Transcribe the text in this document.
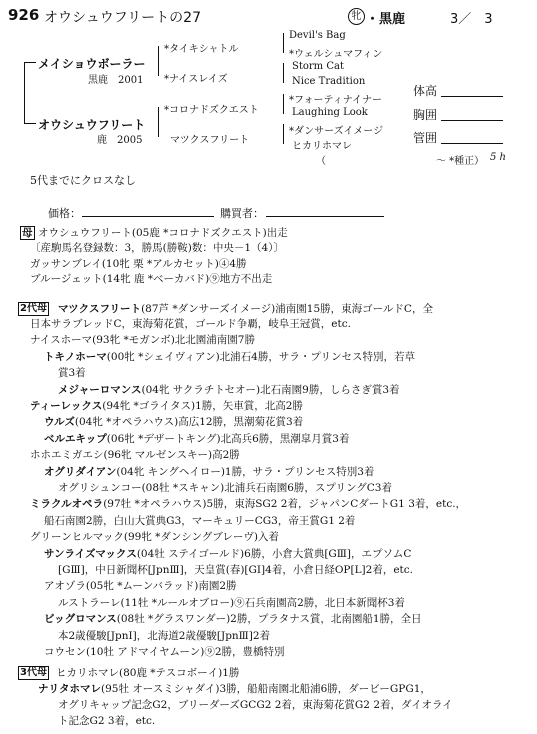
926 オウシュウフリートの27	牝 ・黒鹿	3／　3
メイショウボーラー
黒鹿　2001
オウシュウフリート
鹿　2005
*タイキシャトル
*ナイスレイズ
*コロナドズクエスト
マツクスフリート
Devil's Bag
*ウェルシュマフィン
Storm Cat
Nice Tradition
*フォーティナイナー
Laughing Look
*ダンサーズイメージ
ヒカリホマレ
（　　　　　　　　　　　〜 *種正） 5 h
体高
胸囲
管囲
5代までにクロスなし
価格：	購買者：
母 オウシュウフリート(05鹿 *コロナドズクエスト)出走
〔産駒馬名登録数：3，勝馬(勝鞍)数：中央－1（4）〕
ガッサンブレイ(10牝 栗 *アルカセット)④4勝
ブルージェット(14牝 鹿 *ベーカバド)⑨地方不出走
2代母 マツクスフリート(87芦 *ダンサーズイメージ)浦南園15勝，東海ゴールドC，全
日本サラブレッドC，東海菊花賞，ゴールド争覇，岐阜王冠賞，etc.
ナイスホーマ(93牝 *モガンボ)北北園浦南園7勝
トキノホーマ(00牝 *シェイヴィアン)北浦石4勝，サラ・プリンセス特別，若草
賞3着
メジャーロマンス(04牝 サクラチトセオー)北石南園9勝，しらさぎ賞3着
ティーレックス(94牝 *ゴライタス)1勝，矢車賞，北高2勝
ウルズ(04牝 *オペラハウス)高広12勝，黒潮菊花賞3着
ベルエキップ(06牝 *デザートキング)北高兵6勝，黒潮皐月賞3着
ホホエミガエシ(96牝 マルゼンスキー)高2勝
オグリダイアン(04牝 キングヘイロー)1勝，サラ・プリンセス特別3着
オグリシュンコー(08牡 *スキャン)北浦兵石南園6勝，スプリングC3着
ミラクルオペラ(97牡 *オペラハウス)5勝，東海SG2 2着，ジャパンCダートG1 3着，etc.，
船石南園2勝，白山大賞典G3，マーキュリーCG3，帝王賞G1 2着
グリーンヒルマック(99牝 *ダンシングブレーヴ)入着
サンライズマックス(04牡 ステイゴールド)6勝，小倉大賞典[GⅢ]，エプソムC
[GⅢ]，中日新聞杯[JpnⅢ]，天皇賞(春)[GⅠ]4着，小倉日経OP[L]2着，etc.
アオゾラ(05牝 *ムーンバラッド)南園2勝
ルストラーレ(11牡 *ルールオブロー)⑨石兵南園高2勝，北日本新聞杯3着
ビッグロマンス(08牡 *グラスワンダー)2勝，プラタナス賞，北南園船1勝，全日
本2歳優駿[JpnⅠ]，北海道2歳優駿[JpnⅢ]2着
コウセン(10牡 アドマイヤムーン)⑨2勝，豊橋特別
3代母 ヒカリホマレ(80鹿 *テスコボーイ)1勝
ナリタホマレ(95牡 オースミシャダイ)3勝，船船南園北船浦6勝，ダービーGPG1，
オグリキャップ記念G2，ブリーダーズGCG2 2着，東海菊花賞G2 2着，ダイオライ
ト記念G2 3着，etc.
